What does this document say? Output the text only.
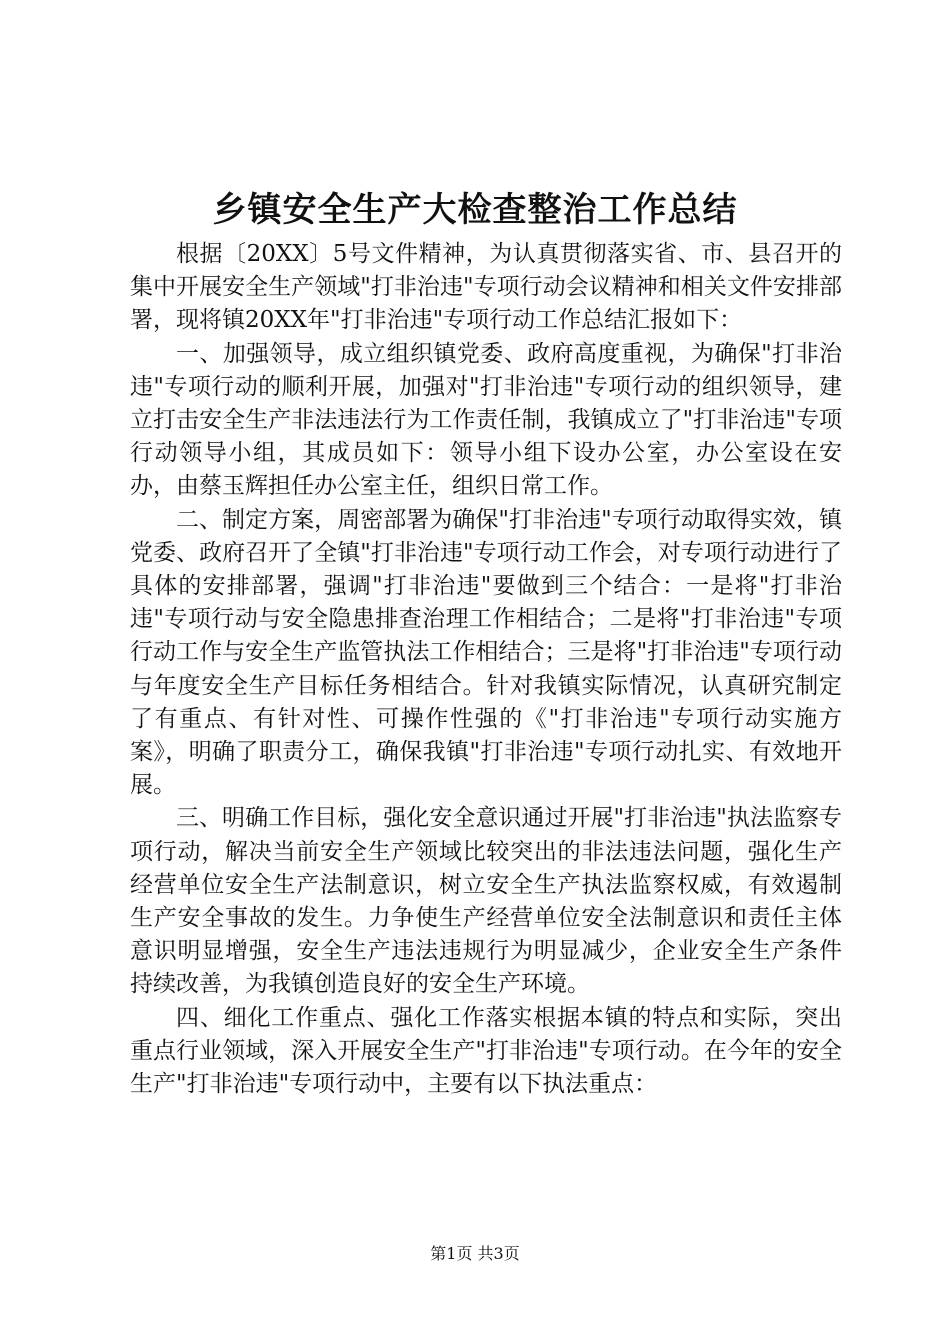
乡镇安全生产大检查整治工作总结

根据〔20XX〕5号文件精神，为认真贯彻落实省、市、县召开的集中开展安全生产领域"打非治违"专项行动会议精神和相关文件安排部署，现将镇20XX年"打非治违"专项行动工作总结汇报如下：

一、加强领导，成立组织镇党委、政府高度重视，为确保"打非治违"专项行动的顺利开展，加强对"打非治违"专项行动的组织领导，建立打击安全生产非法违法行为工作责任制，我镇成立了"打非治违"专项行动领导小组，其成员如下：领导小组下设办公室，办公室设在安办，由蔡玉辉担任办公室主任，组织日常工作。

二、制定方案，周密部署为确保"打非治违"专项行动取得实效，镇党委、政府召开了全镇"打非治违"专项行动工作会，对专项行动进行了具体的安排部署，强调"打非治违"要做到三个结合：一是将"打非治违"专项行动与安全隐患排查治理工作相结合；二是将"打非治违"专项行动工作与安全生产监管执法工作相结合；三是将"打非治违"专项行动与年度安全生产目标任务相结合。针对我镇实际情况，认真研究制定了有重点、有针对性、可操作性强的《"打非治违"专项行动实施方案》，明确了职责分工，确保我镇"打非治违"专项行动扎实、有效地开展。

三、明确工作目标，强化安全意识通过开展"打非治违"执法监察专项行动，解决当前安全生产领域比较突出的非法违法问题，强化生产经营单位安全生产法制意识，树立安全生产执法监察权威，有效遏制生产安全事故的发生。力争使生产经营单位安全法制意识和责任主体意识明显增强，安全生产违法违规行为明显减少，企业安全生产条件持续改善，为我镇创造良好的安全生产环境。

四、细化工作重点、强化工作落实根据本镇的特点和实际，突出重点行业领域，深入开展安全生产"打非治违"专项行动。在今年的安全生产"打非治违"专项行动中，主要有以下执法重点：

第1页 共3页
